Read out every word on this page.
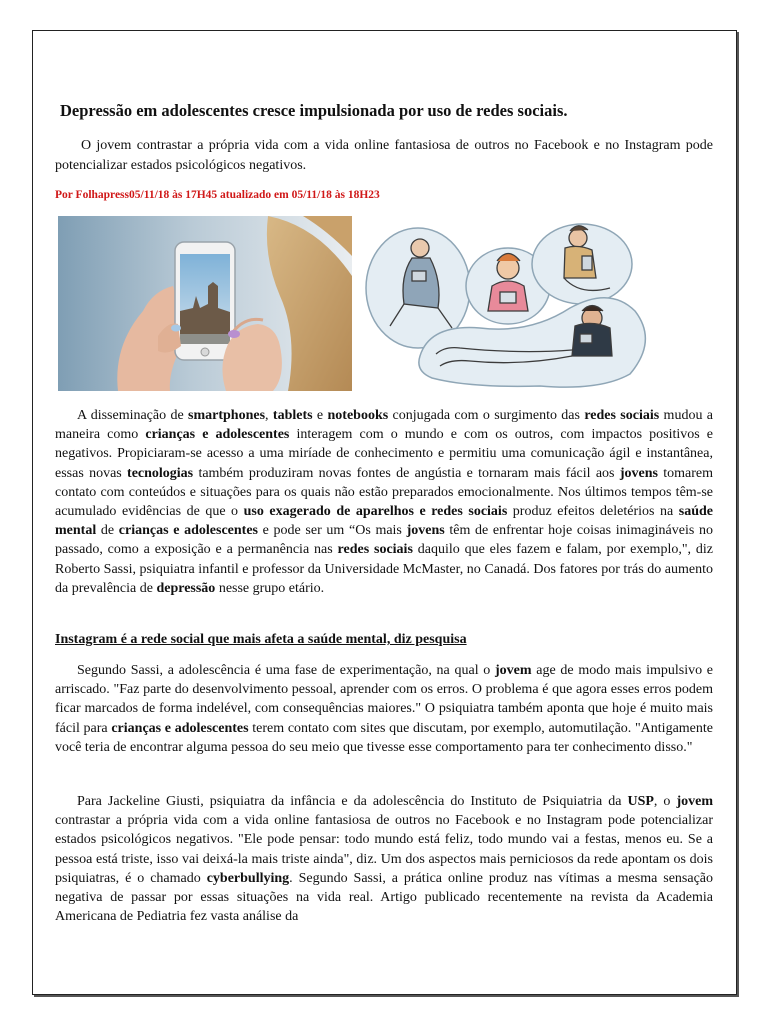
Depressão em adolescentes cresce impulsionada por uso de redes sociais.

O jovem contrastar a própria vida com a vida online fantasiosa de outros no Facebook e no Instagram pode potencializar estados psicológicos negativos.

Por Folhapress05/11/18 às 17H45 atualizado em 05/11/18 às 18H23

A disseminação de smartphones, tablets e notebooks conjugada com o surgimento das redes sociais mudou a maneira como crianças e adolescentes interagem com o mundo e com os outros, com impactos positivos e negativos. Propiciaram-se acesso a uma miríade de conhecimento e permitiu uma comunicação ágil e instantânea, essas novas tecnologias também produziram novas fontes de angústia e tornaram mais fácil aos jovens tomarem contato com conteúdos e situações para os quais não estão preparados emocionalmente. Nos últimos tempos têm-se acumulado evidências de que o uso exagerado de aparelhos e redes sociais produz efeitos deletérios na saúde mental de crianças e adolescentes e pode ser um “Os mais jovens têm de enfrentar hoje coisas inimagináveis no passado, como a exposição e a permanência nas redes sociais daquilo que eles fazem e falam, por exemplo,", diz Roberto Sassi, psiquiatra infantil e professor da Universidade McMaster, no Canadá. Dos fatores por trás do aumento da prevalência de depressão nesse grupo etário.

Instagram é a rede social que mais afeta a saúde mental, diz pesquisa

Segundo Sassi, a adolescência é uma fase de experimentação, na qual o jovem age de modo mais impulsivo e arriscado. "Faz parte do desenvolvimento pessoal, aprender com os erros. O problema é que agora esses erros podem ficar marcados de forma indelével, com consequências maiores." O psiquiatra também aponta que hoje é muito mais fácil para crianças e adolescentes terem contato com sites que discutam, por exemplo, automutilação. "Antigamente você teria de encontrar alguma pessoa do seu meio que tivesse esse comportamento para ter conhecimento disso."

Para Jackeline Giusti, psiquiatra da infância e da adolescência do Instituto de Psiquiatria da USP, o jovem contrastar a própria vida com a vida online fantasiosa de outros no Facebook e no Instagram pode potencializar estados psicológicos negativos. "Ele pode pensar: todo mundo está feliz, todo mundo vai a festas, menos eu. Se a pessoa está triste, isso vai deixá-la mais triste ainda", diz. Um dos aspectos mais perniciosos da rede apontam os dois psiquiatras, é o chamado cyberbullying. Segundo Sassi, a prática online produz nas vítimas a mesma sensação negativa de passar por essas situações na vida real. Artigo publicado recentemente na revista da Academia Americana de Pediatria fez vasta análise da
